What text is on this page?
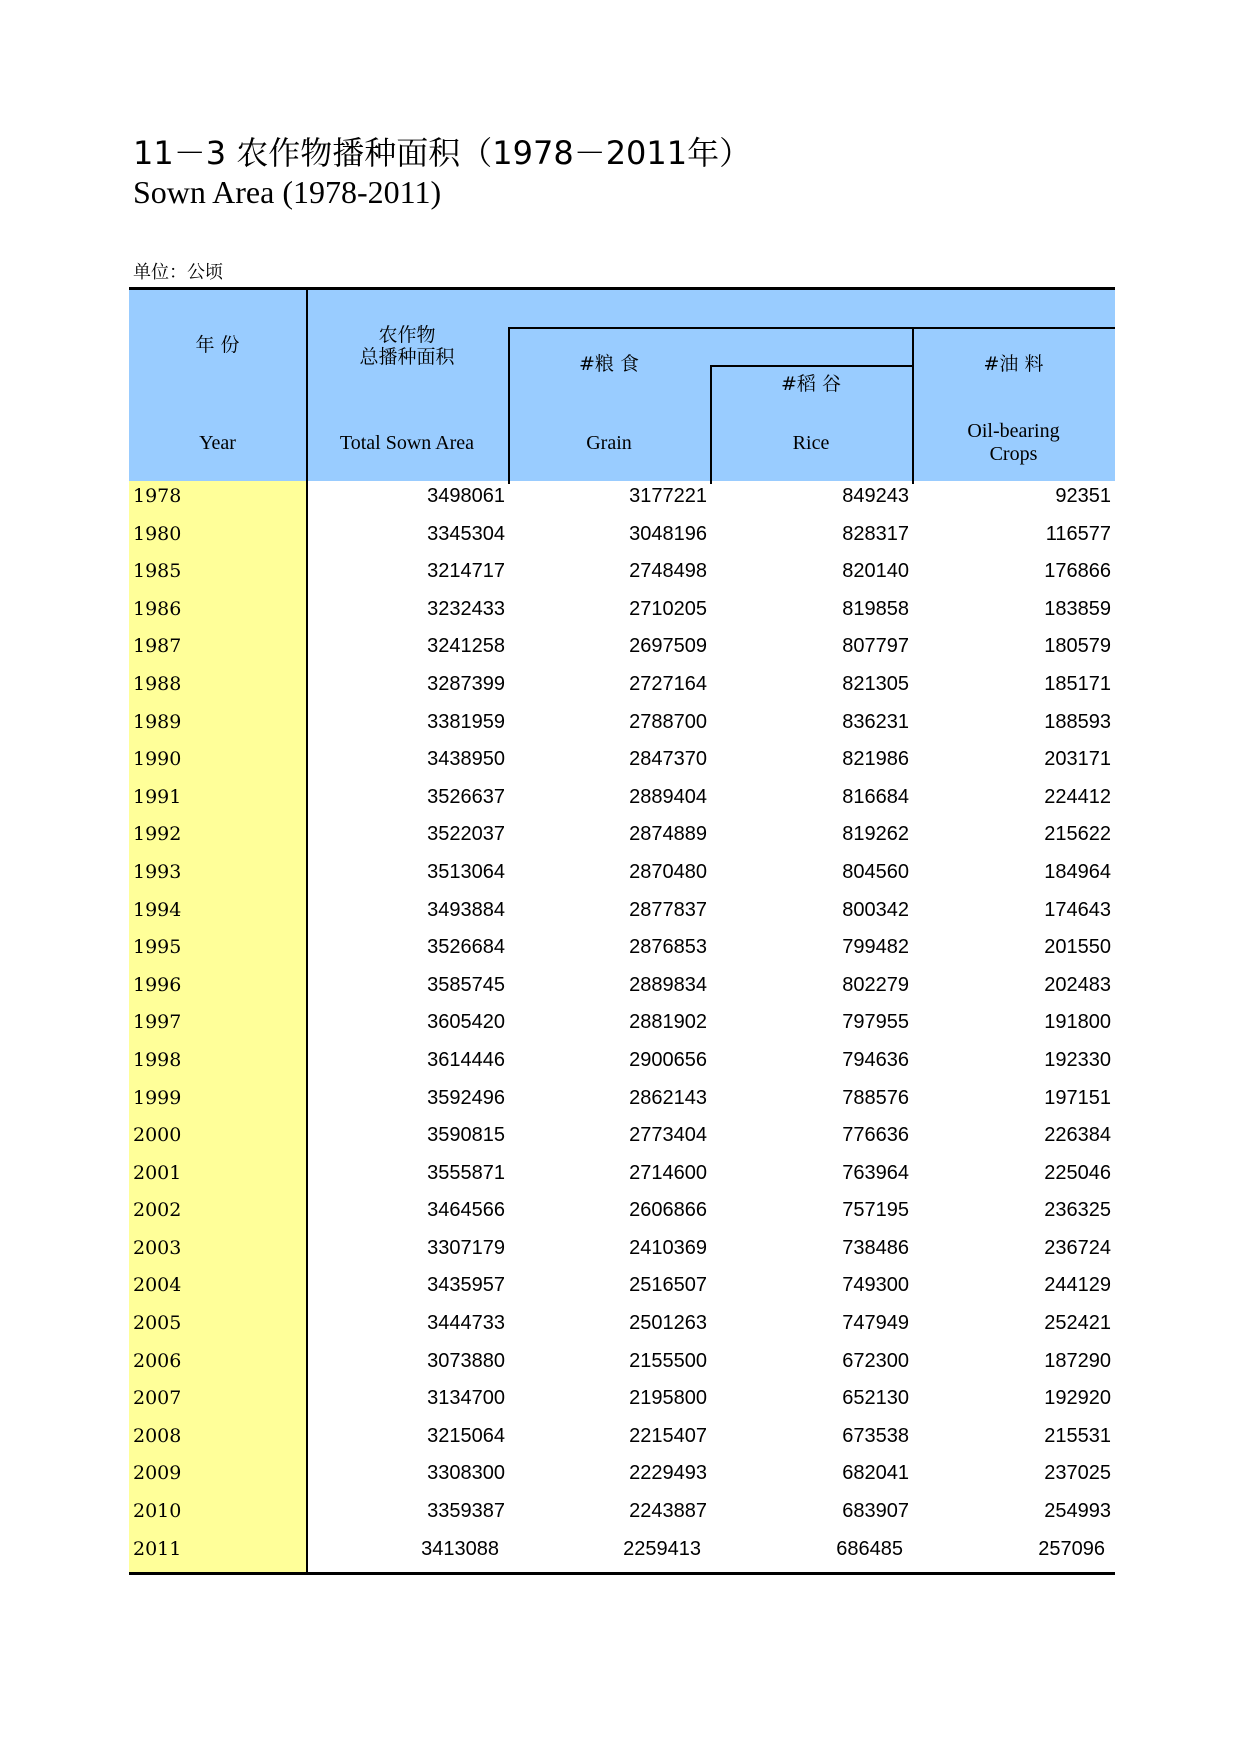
11－3 农作物播种面积（1978－2011年）
Sown Area (1978-2011)
单位：公顷
年 份
Year
农作物
总播种面积
Total Sown Area
#粮 食
Grain
#稻 谷
Rice
#油 料
Oil-bearing
Crops
1978	3498061	3177221	849243	92351
1980	3345304	3048196	828317	116577
1985	3214717	2748498	820140	176866
1986	3232433	2710205	819858	183859
1987	3241258	2697509	807797	180579
1988	3287399	2727164	821305	185171
1989	3381959	2788700	836231	188593
1990	3438950	2847370	821986	203171
1991	3526637	2889404	816684	224412
1992	3522037	2874889	819262	215622
1993	3513064	2870480	804560	184964
1994	3493884	2877837	800342	174643
1995	3526684	2876853	799482	201550
1996	3585745	2889834	802279	202483
1997	3605420	2881902	797955	191800
1998	3614446	2900656	794636	192330
1999	3592496	2862143	788576	197151
2000	3590815	2773404	776636	226384
2001	3555871	2714600	763964	225046
2002	3464566	2606866	757195	236325
2003	3307179	2410369	738486	236724
2004	3435957	2516507	749300	244129
2005	3444733	2501263	747949	252421
2006	3073880	2155500	672300	187290
2007	3134700	2195800	652130	192920
2008	3215064	2215407	673538	215531
2009	3308300	2229493	682041	237025
2010	3359387	2243887	683907	254993
2011	3413088	2259413	686485	257096
